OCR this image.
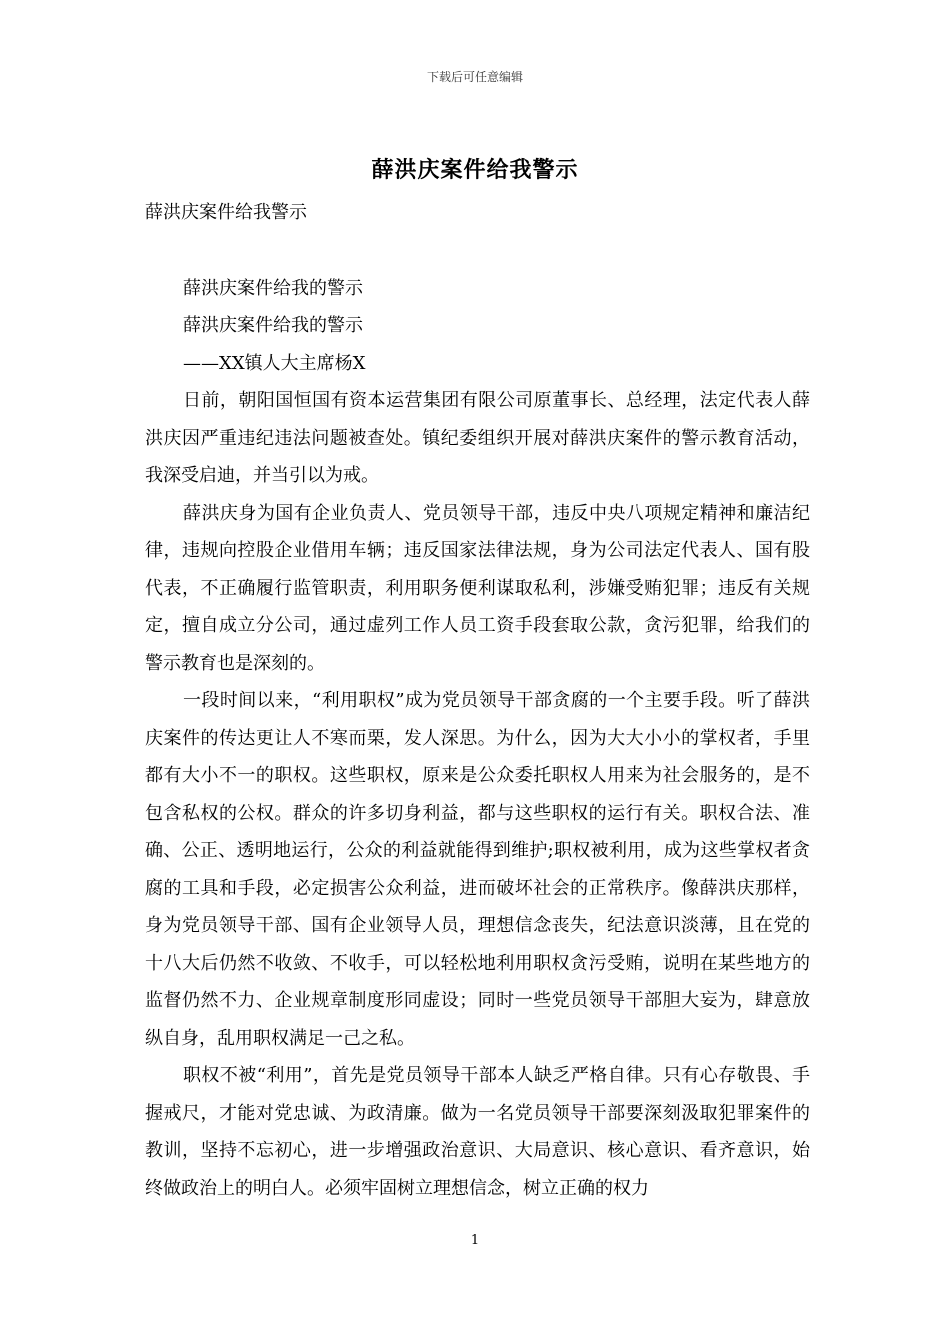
下载后可任意编辑
薛洪庆案件给我警示

薛洪庆案件给我警示

薛洪庆案件给我的警示

薛洪庆案件给我的警示

——XX镇人大主席杨X

日前，朝阳国恒国有资本运营集团有限公司原董事长、总经理，法定代表人薛洪庆因严重违纪违法问题被查处。镇纪委组织开展对薛洪庆案件的警示教育活动，我深受启迪，并当引以为戒。

薛洪庆身为国有企业负责人、党员领导干部，违反中央八项规定精神和廉洁纪律，违规向控股企业借用车辆；违反国家法律法规，身为公司法定代表人、国有股代表，不正确履行监管职责，利用职务便利谋取私利，涉嫌受贿犯罪；违反有关规定，擅自成立分公司，通过虚列工作人员工资手段套取公款，贪污犯罪，给我们的警示教育也是深刻的。

一段时间以来，“利用职权”成为党员领导干部贪腐的一个主要手段。听了薛洪庆案件的传达更让人不寒而栗，发人深思。为什么，因为大大小小的掌权者，手里都有大小不一的职权。这些职权，原来是公众委托职权人用来为社会服务的，是不包含私权的公权。群众的许多切身利益，都与这些职权的运行有关。职权合法、准确、公正、透明地运行，公众的利益就能得到维护;职权被利用，成为这些掌权者贪腐的工具和手段，必定损害公众利益，进而破坏社会的正常秩序。像薛洪庆那样，身为党员领导干部、国有企业领导人员，理想信念丧失，纪法意识淡薄，且在党的十八大后仍然不收敛、不收手，可以轻松地利用职权贪污受贿，说明在某些地方的监督仍然不力、企业规章制度形同虚设；同时一些党员领导干部胆大妄为，肆意放纵自身，乱用职权满足一己之私。

职权不被“利用”，首先是党员领导干部本人缺乏严格自律。只有心存敬畏、手握戒尺，才能对党忠诚、为政清廉。做为一名党员领导干部要深刻汲取犯罪案件的教训，坚持不忘初心，进一步增强政治意识、大局意识、核心意识、看齐意识，始终做政治上的明白人。必须牢固树立理想信念，树立正确的权力

1
